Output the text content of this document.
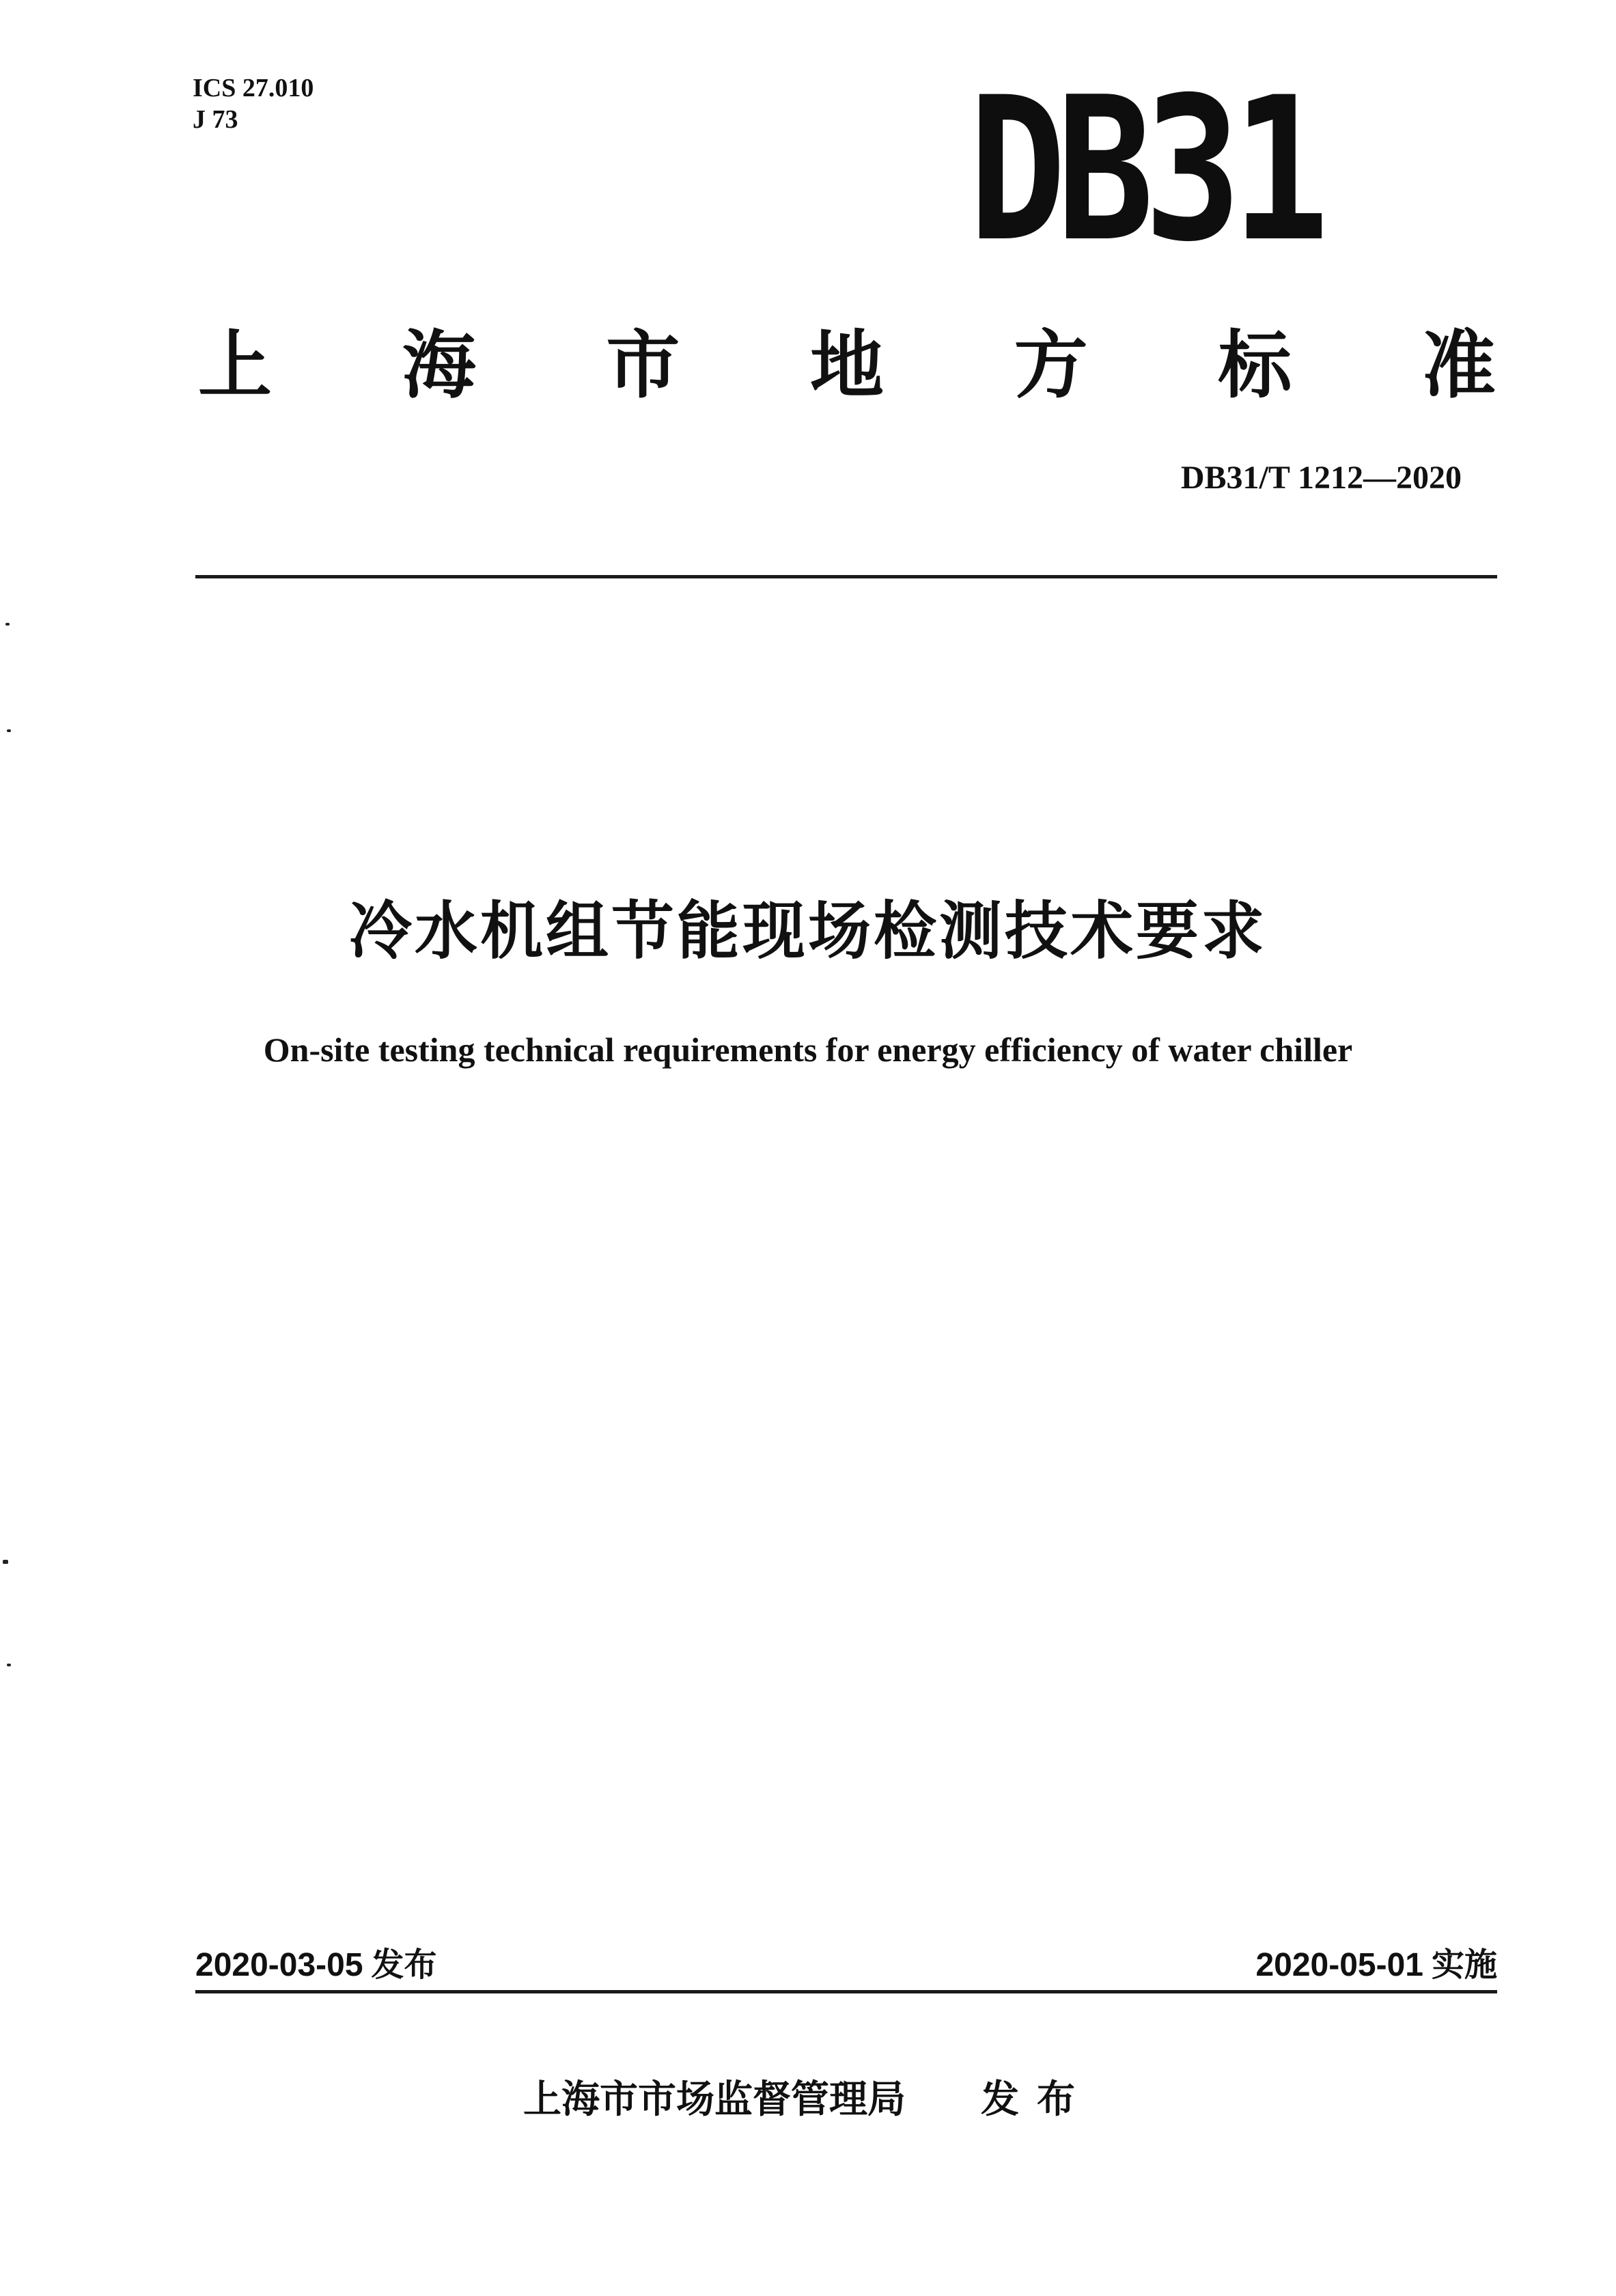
ICS 27.010
J 73	DB31
上 海 市 地 方 标 准
DB31/T 1212—2020
冷水机组节能现场检测技术要求
On-site testing technical requirements for energy efficiency of water chiller
2020-03-05 发布	2020-05-01 实施
上海市市场监督管理局 发布
